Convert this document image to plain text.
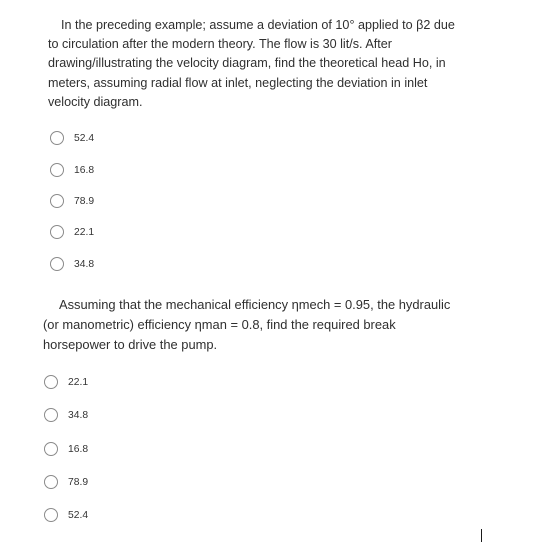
In the preceding example; assume a deviation of 10° applied to β2 due
to circulation after the modern theory. The flow is 30 lit/s. After
drawing/illustrating the velocity diagram, find the theoretical head Ho, in
meters, assuming radial flow at inlet, neglecting the deviation in inlet
velocity diagram.
52.4
16.8
78.9
22.1
34.8
Assuming that the mechanical efficiency ηmech = 0.95, the hydraulic
(or manometric) efficiency ηman = 0.8, find the required break
horsepower to drive the pump.
22.1
34.8
16.8
78.9
52.4
